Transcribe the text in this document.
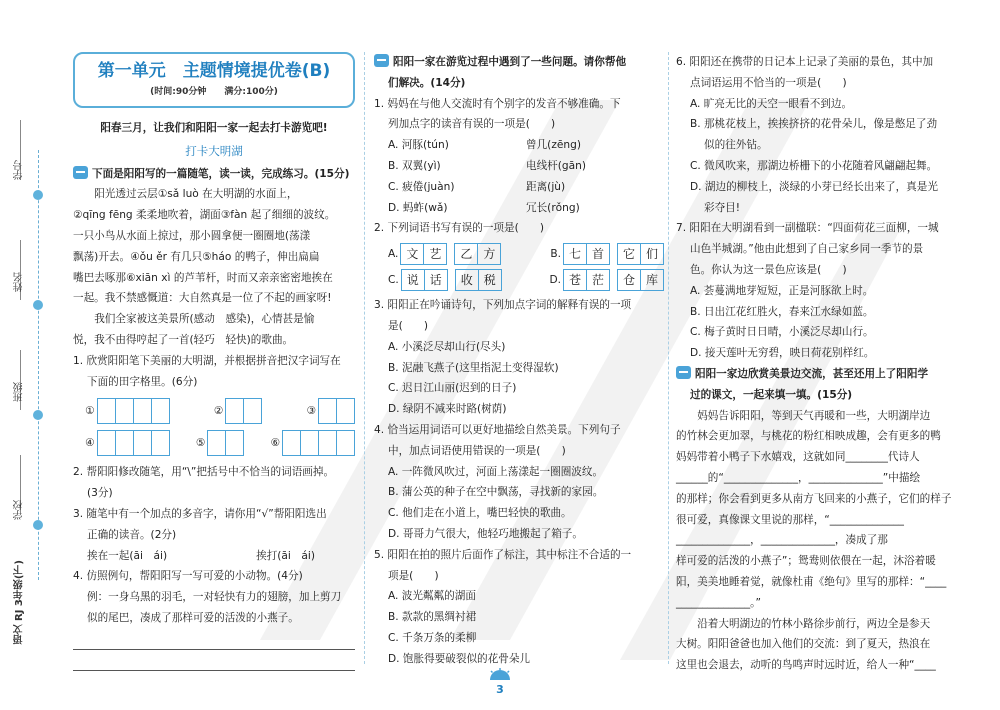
学号
姓名
班级
学校
语文 RJ 3年级(下)
第一单元　主题情境提优卷(B)
(时间:90分钟　　满分:100分)
阳春三月，让我们和阳阳一家一起去打卡游览吧!
打卡大明湖
下面是阳阳写的一篇随笔，读一读，完成练习。(15分)
阳光透过云层①sǎ luò 在大明湖的水面上，
②qīng fēng 柔柔地吹着，湖面③fàn 起了细细的波纹。
一只小鸟从水面上掠过，那小圆拿便一圈圈地(荡漾
飘荡)开去。④ǒu ěr 有几只⑤háo 的鸭子，伸出扁扁
嘴巴去啄那⑥xiān xì 的芦苇杆，时而又亲亲密密地挨在
一起。我不禁感慨道：大自然真是一位了不起的画家呀!
我们全家被这美景所(感动　感染)，心情甚是愉
悦，我不由得哼起了一首(轻巧　轻快)的歌曲。
1. 欣赏阳阳笔下美丽的大明湖，并根据拼音把汉字词写在
下面的田字格里。(6分)
①	②	③
④	⑤	⑥
2. 帮阳阳修改随笔，用“\”把括号中不恰当的词语画掉。
(3分)
3. 随笔中有一个加点的多音字，请你用“√”帮阳阳选出
正确的读音。(2分)
挨在一起(āi　ái)	挨打(āi　ái)
4. 仿照例句，帮阳阳写一写可爱的小动物。(4分)
例：一身乌黑的羽毛，一对轻快有力的翅膀，加上剪刀
似的尾巴，凑成了那样可爱的活泼的小燕子。
阳阳一家在游览过程中遇到了一些问题。请你帮他
们解决。(14分)
1. 妈妈在与他人交流时有个别字的发音不够准确。下
列加点字的读音有误的一项是(　　)
A. 河豚(tún)	曾几(zēng)
B. 双翼(yì)	电线杆(gān)
C. 疲倦(juàn)	距离(jù)
D. 蚂蚱(wǎ)	冗长(rǒng)
2. 下列词语书写有误的一项是(　　)
A. 文 艺	乙 方	B. 七 首	它 们
C. 说 话	收 税	D. 苍 茫	仓 库
3. 阳阳正在吟诵诗句，下列加点字词的解释有误的一项
是(　　)
A. 小溪泛尽却山行(尽头)
B. 泥融飞燕子(这里指泥土变得湿软)
C. 迟日江山丽(迟到的日子)
D. 绿阴不减来时路(树荫)
4. 恰当运用词语可以更好地描绘自然美景。下列句子
中，加点词语使用错误的一项是(　　)
A. 一阵微风吹过，河面上荡漾起一圈圈波纹。
B. 蒲公英的种子在空中飘荡，寻找新的家园。
C. 他们走在小道上，嘴巴轻快的歌曲。
D. 哥哥力气很大，他轻巧地搬起了箱子。
5. 阳阳在拍的照片后面作了标注，其中标注不合适的一
项是(　　)
A. 波光粼粼的湖面
B. 款款的黑绸衬裙
C. 千条万条的柔柳
D. 饱胀得要破裂似的花骨朵儿
6. 阳阳还在携带的日记本上记录了美丽的景色，其中加
点词语运用不恰当的一项是(　　)
A. 旷亮无比的天空一眼看不到边。
B. 那桃花枝上，挨挨挤挤的花骨朵儿，像是憋足了劲
似的往外钻。
C. 微风吹来，那湖边桥栅下的小花随着风翩翩起舞。
D. 湖边的柳枝上，淡绿的小芽已经长出来了，真是光
彩夺目!
7. 阳阳在大明湖看到一副楹联：“四面荷花三面柳，一城
山色半城湖。”他由此想到了自己家乡同一季节的景
色。你认为这一景色应该是(　　)
A. 荟蔓满地芽短短，正是河豚欲上时。
B. 日出江花红胜火，春来江水绿如蓝。
C. 梅子黄时日日晴，小溪泛尽却山行。
D. 接天莲叶无穷碧，映日荷花别样红。
阳阳一家边欣赏美景边交流，甚至还用上了阳阳学
过的课文，一起来填一填。(15分)
妈妈告诉阳阳，等到天气再暖和一些，大明湖岸边
的竹林会更加翠，与桃花的粉红相映成趣，会有更多的鸭
妈妈带着小鸭子下水嬉戏，这就如同________代诗人
______的“______________，______________”中描绘
的那样；你会看到更多从南方飞回来的小燕子，它们的样子
很可爱，真像课文里说的那样，“______________
______________，______________，凑成了那
样可爱的活泼的小燕子”；鸳鸯则依偎在一起，沐浴着暖
阳，美美地睡着觉，就像杜甫《绝句》里写的那样：“____
______________。”
沿着大明湖边的竹林小路徐步前行，两边全是参天
大树。阳阳爸爸也加入他们的交流：到了夏天，热浪在
这里也会退去，动听的鸟鸣声时远时近，给人一种“____
3
